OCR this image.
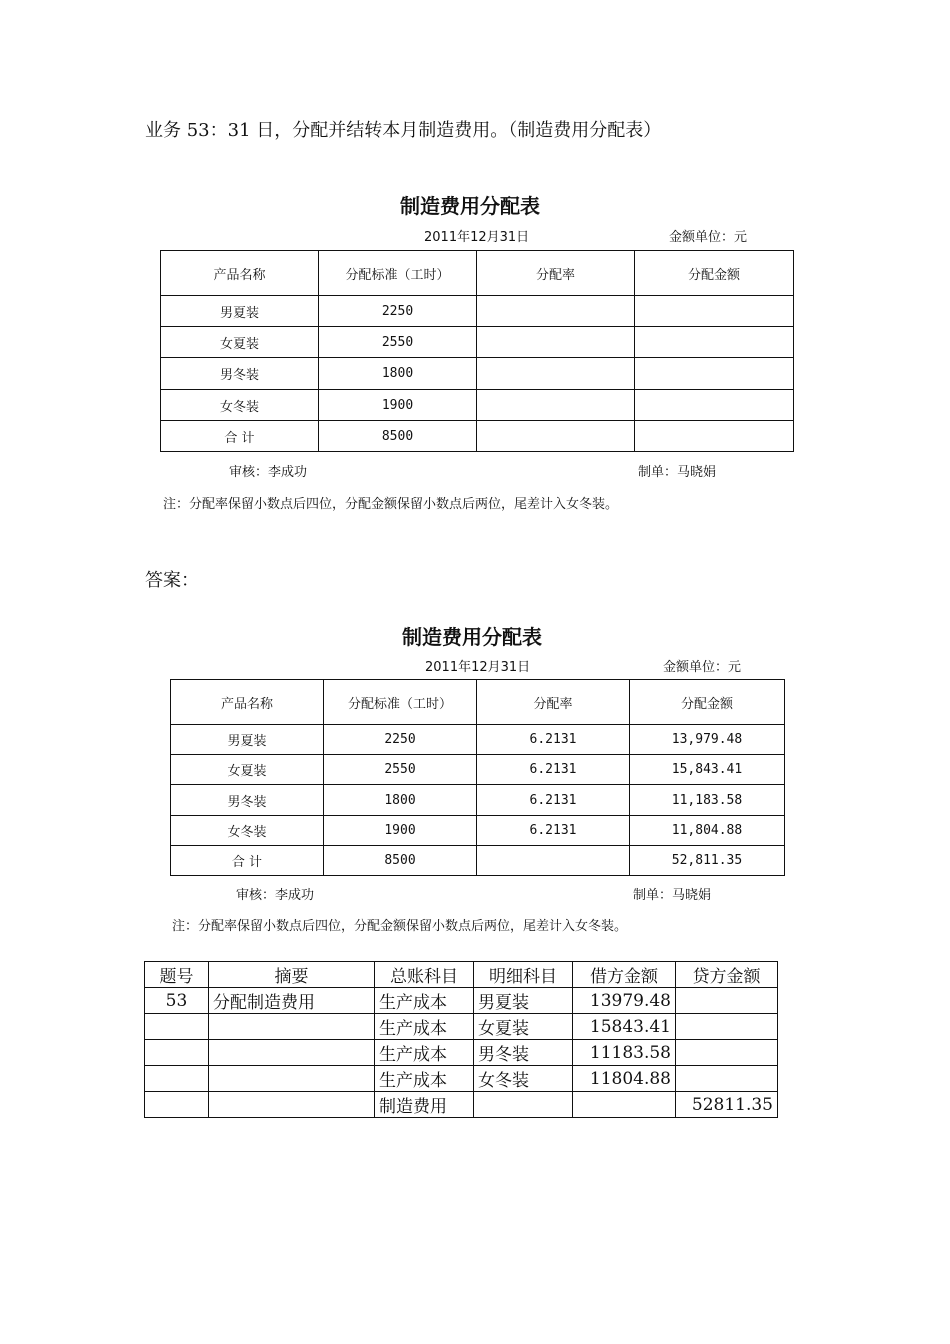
业务 53：31 日，分配并结转本月制造费用。（制造费用分配表）
制造费用分配表
2011年12月31日	金额单位：元
产品名称	分配标准（工时）	分配率	分配金额
男夏装	2250		
女夏装	2550		
男冬装	1800		
女冬装	1900		
合 计	8500		
审核：李成功	制单：马晓娟
注：分配率保留小数点后四位，分配金额保留小数点后两位，尾差计入女冬装。
答案：
制造费用分配表
2011年12月31日	金额单位：元
产品名称	分配标准（工时）	分配率	分配金额
男夏装	2250	6.2131	13,979.48
女夏装	2550	6.2131	15,843.41
男冬装	1800	6.2131	11,183.58
女冬装	1900	6.2131	11,804.88
合 计	8500		52,811.35
审核：李成功	制单：马晓娟
注：分配率保留小数点后四位，分配金额保留小数点后两位，尾差计入女冬装。
题号	摘要	总账科目	明细科目	借方金额	贷方金额
53	分配制造费用	生产成本	男夏装	13979.48	
		生产成本	女夏装	15843.41	
		生产成本	男冬装	11183.58	
		生产成本	女冬装	11804.88	
		制造费用			52811.35
